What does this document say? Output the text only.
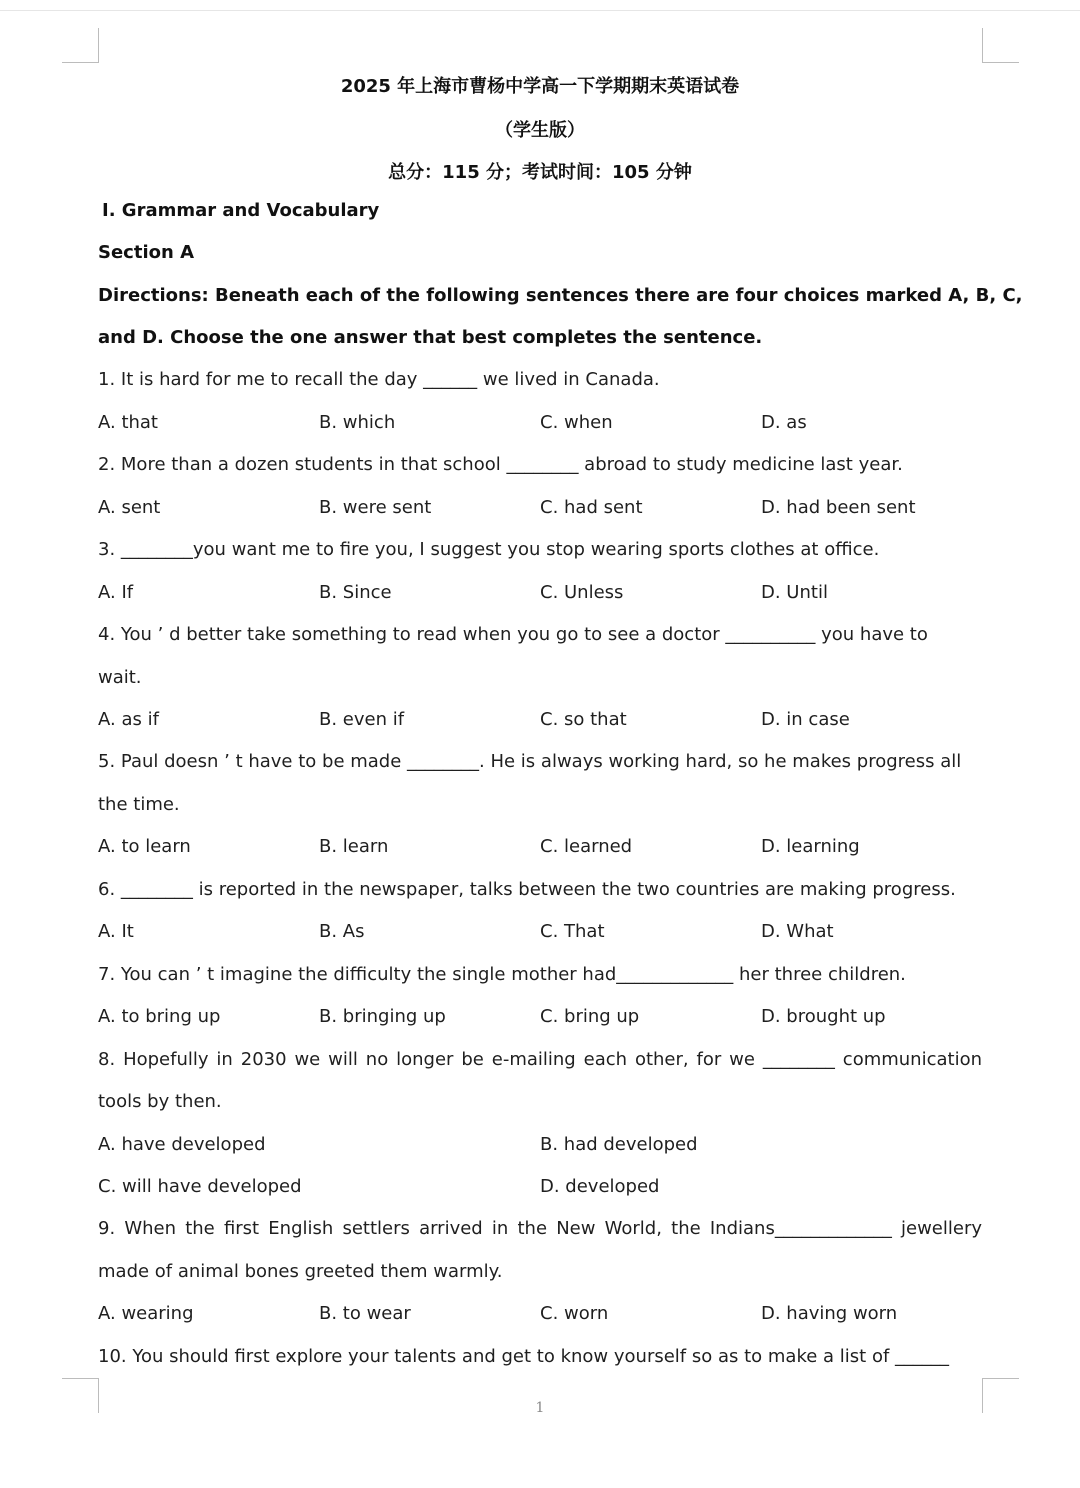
2025 年上海市曹杨中学高一下学期期末英语试卷
（学生版）
总分：115 分；考试时间：105 分钟
Ⅰ. Grammar and Vocabulary
Section A
Directions: Beneath each of the following sentences there are four choices marked A, B, C,
and D. Choose the one answer that best completes the sentence.
1. It is hard for me to recall the day ______ we lived in Canada.
A. that	B. which	C. when	D. as
2. More than a dozen students in that school ________ abroad to study medicine last year.
A. sent	B. were sent	C. had sent	D. had been sent
3. ________you want me to fire you, I suggest you stop wearing sports clothes at office.
A. If	B. Since	C. Unless	D. Until
4. You ’ d better take something to read when you go to see a doctor __________ you have to
wait.
A. as if	B. even if	C. so that	D. in case
5. Paul doesn ’ t have to be made ________. He is always working hard, so he makes progress all
the time.
A. to learn	B. learn	C. learned	D. learning
6. ________ is reported in the newspaper, talks between the two countries are making progress.
A. It	B. As	C. That	D. What
7. You can ’ t imagine the difficulty the single mother had_____________ her three children.
A. to bring up	B. bringing up	C. bring up	D. brought up
8. Hopefully in 2030 we will no longer be e-mailing each other, for we ________ communication
tools by then.
A. have developed	B. had developed
C. will have developed	D. developed
9. When the first English settlers arrived in the New World, the Indians_____________ jewellery
made of animal bones greeted them warmly.
A. wearing	B. to wear	C. worn	D. having worn
10. You should first explore your talents and get to know yourself so as to make a list of ______
1
